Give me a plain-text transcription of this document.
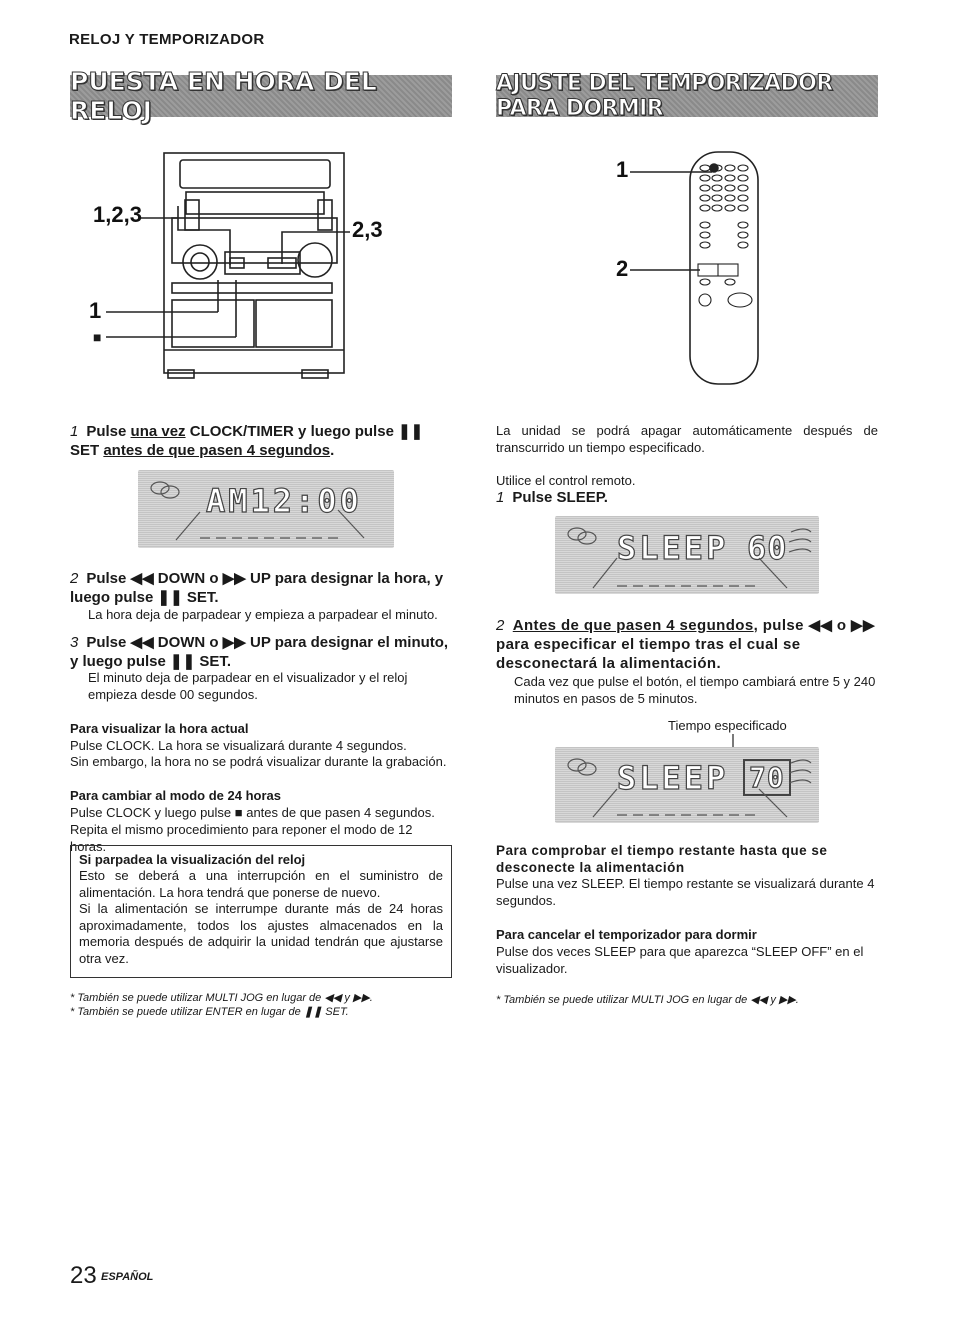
RELOJ Y TEMPORIZADOR
PUESTA EN HORA DEL RELOJ
AJUSTE DEL TEMPORIZADOR PARA DORMIR
1,2,3
2,3
1
■
1
2
1 Pulse una vez CLOCK/TIMER y luego pulse ❚❚ SET antes de que pasen 4 segundos.
AM12:00
2 Pulse ◀◀ DOWN o ▶▶ UP para designar la hora, y luego pulse ❚❚ SET.
La hora deja de parpadear y empieza a parpadear el minuto.
3 Pulse ◀◀ DOWN o ▶▶ UP para designar el minuto, y luego pulse ❚❚ SET.
El minuto deja de parpadear en el visualizador y el reloj empieza desde 00 segundos.
Para visualizar la hora actual
Pulse CLOCK. La hora se visualizará durante 4 segundos.
Sin embargo, la hora no se podrá visualizar durante la grabación.
Para cambiar al modo de 24 horas
Pulse CLOCK y luego pulse ■ antes de que pasen 4 segundos.
Repita el mismo procedimiento para reponer el modo de 12 horas.
Si parpadea la visualización del reloj
Esto se deberá a una interrupción en el suministro de alimentación. La hora tendrá que ponerse de nuevo.
Si la alimentación se interrumpe durante más de 24 horas aproximadamente, todos los ajustes almacenados en la memoria después de adquirir la unidad tendrán que ajustarse otra vez.
* También se puede utilizar MULTI JOG en lugar de ◀◀ y ▶▶.
* También se puede utilizar ENTER en lugar de ❚❚ SET.
La unidad se podrá apagar automáticamente después de transcurrido un tiempo especificado.
Utilice el control remoto.
1 Pulse SLEEP.
SLEEP 60
2 Antes de que pasen 4 segundos, pulse ◀◀ o ▶▶ para especificar el tiempo tras el cual se desconectará la alimentación.
Cada vez que pulse el botón, el tiempo cambiará entre 5 y 240 minutos en pasos de 5 minutos.
Tiempo especificado
SLEEP 70
Para comprobar el tiempo restante hasta que se desconecte la alimentación
Pulse una vez SLEEP. El tiempo restante se visualizará durante 4 segundos.
Para cancelar el temporizador para dormir
Pulse dos veces SLEEP para que aparezca “SLEEP OFF” en el visualizador.
* También se puede utilizar MULTI JOG en lugar de ◀◀ y ▶▶.
23 ESPAÑOL
